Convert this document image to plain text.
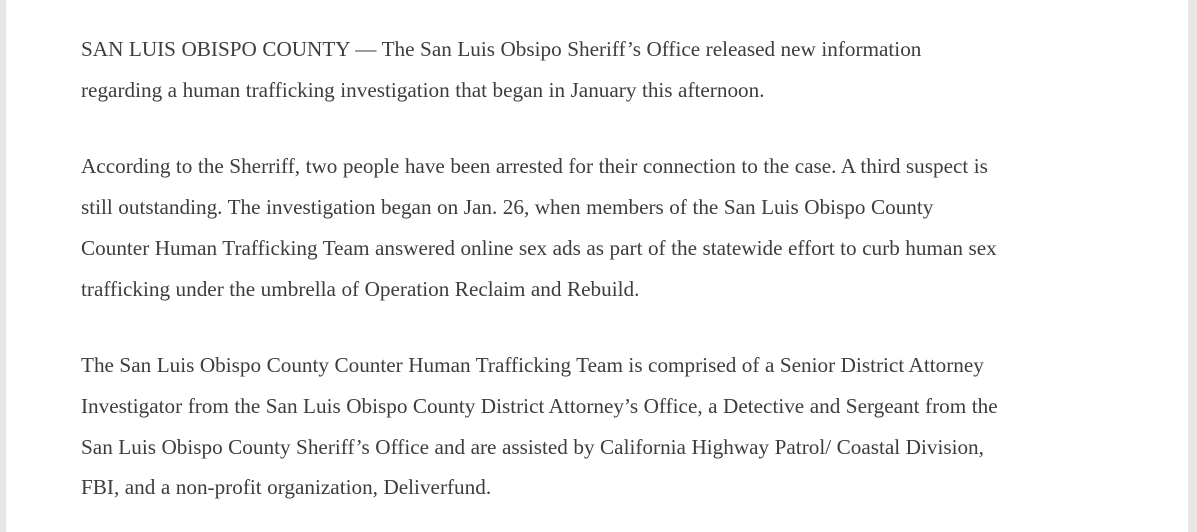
SAN LUIS OBISPO COUNTY — The San Luis Obsipo Sheriff’s Office released new information
regarding a human trafficking investigation that began in January this afternoon.

According to the Sherriff, two people have been arrested for their connection to the case. A third suspect is
still outstanding. The investigation began on Jan. 26, when members of the San Luis Obispo County
Counter Human Trafficking Team answered online sex ads as part of the statewide effort to curb human sex
trafficking under the umbrella of Operation Reclaim and Rebuild.

The San Luis Obispo County Counter Human Trafficking Team is comprised of a Senior District Attorney
Investigator from the San Luis Obispo County District Attorney’s Office, a Detective and Sergeant from the
San Luis Obispo County Sheriff’s Office and are assisted by California Highway Patrol/ Coastal Division,
FBI, and a non-profit organization, Deliverfund.
